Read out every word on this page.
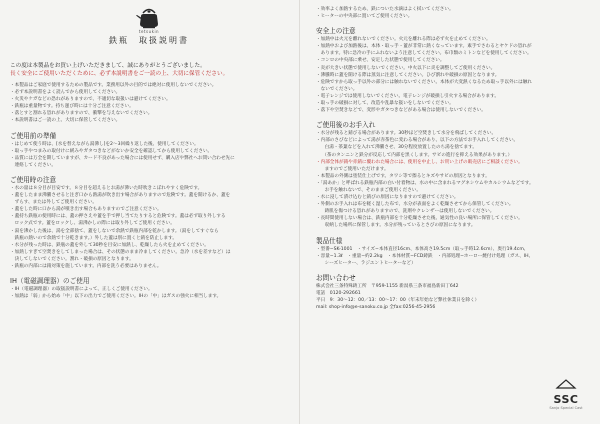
tetsukin
鉄瓶　取扱説明書

この度は本製品をお買い上げいただきまして、誠にありがとうございました。

長く安全にご使用いただくために、必ず本説明書をご一読の上、大切に保管ください。

・本製品はご家庭で使用するための製品です。業務用以外の目的では絶対に使用しないでください。
・必ず本説明書をよく読んでから使用してください。
・火災やケガなどの恐れがありますので、不適切な取扱いは避けてください。
・鉄瓶は重量物です。持ち運び時には十分ご注意ください。
・落とすと割れる恐れがありますので、衝撃を与えないでください。
・本説明書はご一読の上、大切に保管してください。
ご使用前の準備
・はじめて使う時は、[水を替えながら湯沸し]を2～3回繰り返した後、使用してください。
・取っ手やつまみの取付けに緩みやガタつきなどがないか安全を確認してから使用してください。
・品質には万全を期していますが、カード不良があった場合には使用せず、購入店や弊社へお問い合わせ先に
　連絡してください。
ご使用時の注意
・水の量は８分目が目安です。８分目を超えるとお湯が沸いた時吹きこぼれやすく危険です。
・蓋をしたまま沸騰させると注ぎ口から熱湯が吹き出す場合がありますので危険です。蓋を開けるか、蓋を
　ずらす、または外してご使用ください。
・蓋をした時に口から湯が噴き出す場合もありますのでご注意ください。
・蓋持ち鉄瓶の使用時には、蓋の押さえや蓋を手で押し当てたりすると危険です。蓋は必ず取り外しする
　ロック式です。蓋をロックし、湯沸かしの際には取り外してご使用ください。
・湯を沸かした後は、湯を全部捨て、蓋をしないで余熱で鉄瓶内部を乾かします。（湯をしてすぐなら
　鉄瓶の熱いので余熱で十分乾きます。）外した蓋は別に置くと錆を防止します。
・水分が残った時は、鉄瓶の蓋を外して30秒を目安に加熱し、乾燥したら火を止めてください。
・加熱しすぎて空焚きをしてしまった場合は、その状態のまま冷ましてください。急冷（水を差すなど）は
　決してしないでください。割れ・破損の原因となります。
・鉄瓶の内部には錆対策を施しています。内部を洗う必要はありません。
IH（電磁調理器）のご使用
・IH（電磁調理器）の取扱説明書によって、正しくご使用ください。
・加熱は「弱」から始め「中」以下の出力でご使用ください。IHの「中」はガスの強火に相当します。
・効率よく加熱するため、鉄についた水滴はよく拭いてください。
・ヒーターの中央部に置いてご使用ください。
安全上の注意
・加熱中は火元を離れないでください。火元を離れる際は必ず火を止めてください。
・加熱中および加熱後は、本体・取っ手・蓋が非常に熱くなっています。素手でさわるとヤケドの恐れが
　あります。特に急冷の手にふれないよう注意してください。布巾類のミトンなどを使用してください。
・コンロの中央部に乗せ、安定した状態で使用してください。
・炎が大きい状態で使用しないでください。中火以下に炎を調整してご使用ください。
・沸騰時に蓋を開ける際は蒸気に注意してください。ひび割れや破損の原因となります。
・危険ですから取っ手以外の部分には触れないでください。本体が大変熱くなるため取っ手以外には触れ
　ないでください。
・電子レンジでは使用しないでください。電子レンジが破損し引火する場合があります。
・取っ手の破損に対して、改造や乱暴な扱いをしないでください。
・落下や空焚きなどで、変形やガタつきなどがある場合は使用しないでください。
ご使用後のお手入れ
・水分が残ると錆びる場合があります。30秒ほど空焚きして水分を飛ばしてください。
・内部のさびなどによって湯が赤茶色に変わる場合があり、以下の方法でお手入れしてください。
　白湯・茶葉などを入れて沸騰させ、30分程度放置したのち湯を捨てます。
　（茶のタンニンと鉄分が反応して内部を黒くします。サビの進行を抑える効果があります。）
・内部全体が錆や赤錆に覆われた場合には、使用を中止し、お買い上げの販売店にご相談ください。
　ますのでご使用いただけます。
・本製品の外側は塗装仕上げです。タワシ等で擦るとキズやサビの原因となります。
・「湯あか」と呼ばれる鉄瓶内部の白い付着物は、水の中に含まれるマグネシウムやカルシウムなどです。
　お手を触れないで、そのままご使用ください。
・水に浸して漬け込むと錆びの原因になりますので避けてください。
・外側のお手入れは布を軽く湿した布で、水分が表面をよく乾燥させてから保管してください。
　鋳肌を傷つける恐れがありますので、洗剤やクレンザーは使用しないでください。
・長時間使用しない場合は、鉄瓶内部を十分乾燥させた後、通気性の良い場所に保管してください。
　収納した場所に保管します。水分が残っているとさびの原因になります。
製品仕様
・型番−SK-1001　・サイズ−本体直径16cm、本体高さ19.5cm（取っ手時12.6cm）、奥行19.4cm、
・容量−1.3ℓ　・重量−約2.2kg　・本体材質−FCD鋳鉄　・内部処理−ホーロー焼付け処理（ガス、IH、
　シーズヒーター、ラジエントヒーターなど）
お問い合わせ

株式会社三条特殊鋳工所　〒959-1155 新潟県三条市福島新田丁642

電話　0120-292661

平日　9：30～12：00／13：00～17：00（年末年始など弊社休業日を除く）

mail: shop-info@e-sanoku.co.jp 全fax:0256-45-2956

SSC
Sanjo Special Cast
